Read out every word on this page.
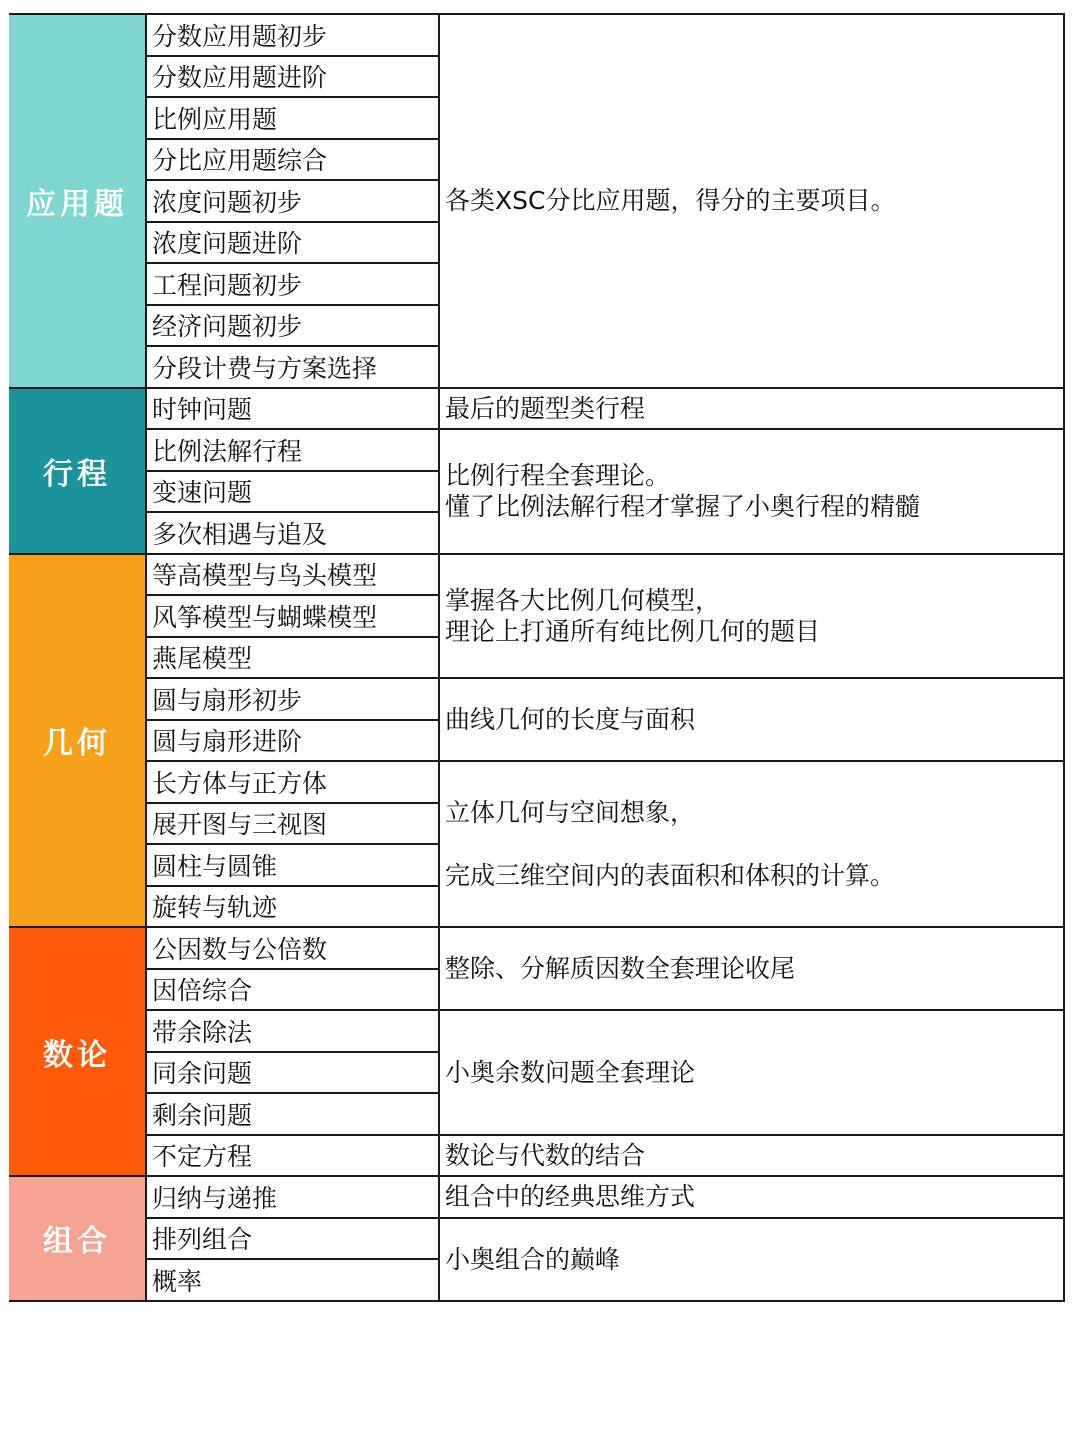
应用题	分数应用题初步	各类XSC分比应用题，得分的主要项目。

	分数应用题进阶	
	比例应用题	
	分比应用题综合	
	浓度问题初步	
	浓度问题进阶	
	工程问题初步	
	经济问题初步	
	分段计费与方案选择	
行程	时钟问题	最后的题型类行程

	比例法解行程	比例行程全套理论。
懂了比例法解行程才掌握了小奥行程的精髓

	变速问题	
	多次相遇与追及	
几何	等高模型与鸟头模型	掌握各大比例几何模型，
理论上打通所有纯比例几何的题目

	风筝模型与蝴蝶模型	
	燕尾模型	
	圆与扇形初步	曲线几何的长度与面积

	圆与扇形进阶	
	长方体与正方体	立体几何与空间想象，
完成三维空间内的表面积和体积的计算。

	展开图与三视图	
	圆柱与圆锥	
	旋转与轨迹	
数论	公因数与公倍数	整除、分解质因数全套理论收尾

	因倍综合	
	带余除法	小奥余数问题全套理论

	同余问题	
	剩余问题	
	不定方程	数论与代数的结合

组合	归纳与递推	组合中的经典思维方式

	排列组合	小奥组合的巅峰

	概率	
